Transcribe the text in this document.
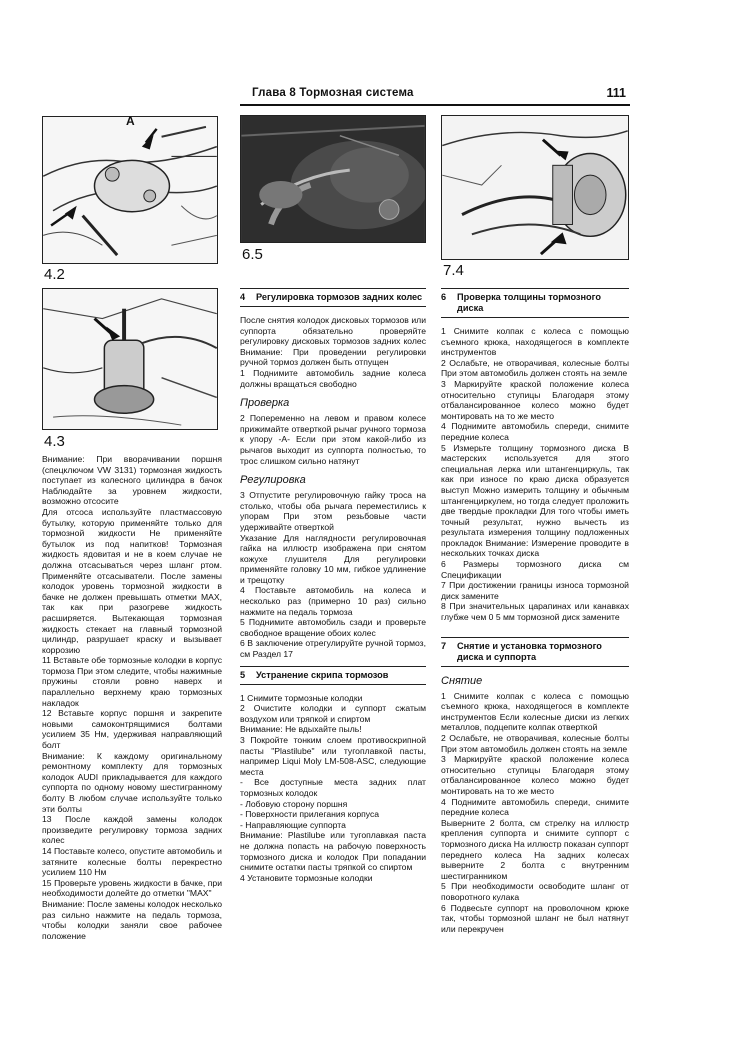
Глава 8 Тормозная система	111
4.2
A
4.3
6.5
7.4

Внимание: При вворачивании поршня (спецключом VW 3131) тормозная жидкость поступает из колесного цилиндра в бачок Наблюдайте за уровнем жидкости, возможно отсосите

Для отсоса используйте пластмассовую бутылку, которую применяйте только для тормозной жидкости Не применяйте бутылок из под напитков! Тормозная жидкость ядовитая и не в коем случае не должна отсасываться через шланг ртом. Применяйте отсасыватели. После замены колодок уровень тормозной жидкости в бачке не должен превышать отметки MAX, так как при разогреве жидкость расширяется. Вытекающая тормозная жидкость стекает на главный тормозной цилиндр, разрушает краску и вызывает коррозию

11 Вставьте обе тормозные колодки в корпус тормоза При этом следите, чтобы нажимные пружины стояли ровно наверх и параллельно верхнему краю тормозных накладок

12 Вставьте корпус поршня и закрепите новыми самоконтрящимися болтами усилием 35 Нм, удерживая направляющий болт

Внимание: К каждому оригинальному ремонтному комплекту для тормозных колодок AUDI прикладывается для каждого суппорта по одному новому шестигранному болту В любом случае используйте только эти болты

13 После каждой замены колодок произведите регулировку тормоза задних колес

14 Поставьте колесо, опустите автомобиль и затяните колесные болты перекрестно усилием 110 Нм

15 Проверьте уровень жидкости в бачке, при необходимости долейте до отметки "MAX"

Внимание: После замены колодок несколько раз сильно нажмите на педаль тормоза, чтобы колодки заняли свое рабочее положение

4	Регулировка тормозов задних колес

После снятия колодок дисковых тормозов или суппорта обязательно проверяйте регулировку дисковых тормозов задних колес Внимание: При проведении регулировки ручной тормоз должен быть отпущен

1 Поднимите автомобиль задние колеса должны вращаться свободно

Проверка

2 Попеременно на левом и правом колесе прижимайте отверткой рычаг ручного тормоза к упору -A- Если при этом какой-либо из рычагов выходит из суппорта полностью, то трос слишком сильно натянут

Регулировка

3 Отпустите регулировочную гайку троса на столько, чтобы оба рычага переместились к упорам При этом резьбовые части удерживайте отверткой

Указание Для наглядности регулировочная гайка на иллюстр изображена при снятом кожухе глушителя Для регулировки применяйте головку 10 мм, гибкое удлинение и трещотку

4 Поставьте автомобиль на колеса и несколько раз (примерно 10 раз) сильно нажмите на педаль тормоза

5 Поднимите автомобиль сзади и проверьте свободное вращение обоих колес

6 В заключение отрегулируйте ручной тормоз, см Раздел 17

5	Устранение скрипа тормозов

1 Снимите тормозные колодки

2 Очистите колодки и суппорт сжатым воздухом или тряпкой и спиртом

Внимание: Не вдыхайте пыль!

3 Покройте тонким слоем противоскрипной пасты "Plastilube" или тугоплавкой пасты, например Liqui Moly LM-508-ASC, следующие места

- Все доступные места задних плат тормозных колодок

- Лобовую сторону поршня

- Поверхности прилегания корпуса

- Направляющие суппорта

Внимание: Plastilube или тугоплавкая паста не должна попасть на рабочую поверхность тормозного диска и колодок При попадании снимите остатки пасты тряпкой со спиртом

4 Установите тормозные колодки

6	Проверка толщины тормозного диска

1 Снимите колпак с колеса с помощью съемного крюка, находящегося в комплекте инструментов

2 Ослабьте, не отворачивая, колесные болты При этом автомобиль должен стоять на земле

3 Маркируйте краской положение колеса относительно ступицы Благодаря этому отбалансированное колесо можно будет монтировать на то же место

4 Поднимите автомобиль спереди, снимите передние колеса

5 Измерьте толщину тормозного диска В мастерских используется для этого специальная лерка или штангенциркуль, так как при износе по краю диска образуется выступ Можно измерить толщину и обычным штангенциркулем, но тогда следует проложить две твердые прокладки Для того чтобы иметь точный результат, нужно вычесть из результата измерения толщину подложенных прокладок Внимание: Измерение проводите в нескольких точках диска

6 Размеры тормозного диска см Спецификации

7 При достижении границы износа тормозной диск замените

8 При значительных царапинах или канавках глубже чем 0 5 мм тормозной диск замените

7	Снятие и установка тормозного диска и суппорта
Снятие

1 Снимите колпак с колеса с помощью съемного крюка, находящегося в комплекте инструментов Если колесные диски из легких металлов, подцепите колпак отверткой

2 Ослабьте, не отворачивая, колесные болты При этом автомобиль должен стоять на земле

3 Маркируйте краской положение колеса относительно ступицы Благодаря этому отбалансированное колесо можно будет монтировать на то же место

4 Поднимите автомобиль спереди, снимите передние колеса

Выверните 2 болта, см стрелку на иллюстр крепления суппорта и снимите суппорт с тормозного диска На иллюстр показан суппорт переднего колеса На задних колесах выверните 2 болта с внутренним шестигранником

5 При необходимости освободите шланг от поворотного кулака

6 Подвесьте суппорт на проволочном крюке так, чтобы тормозной шланг не был натянут или перекручен
